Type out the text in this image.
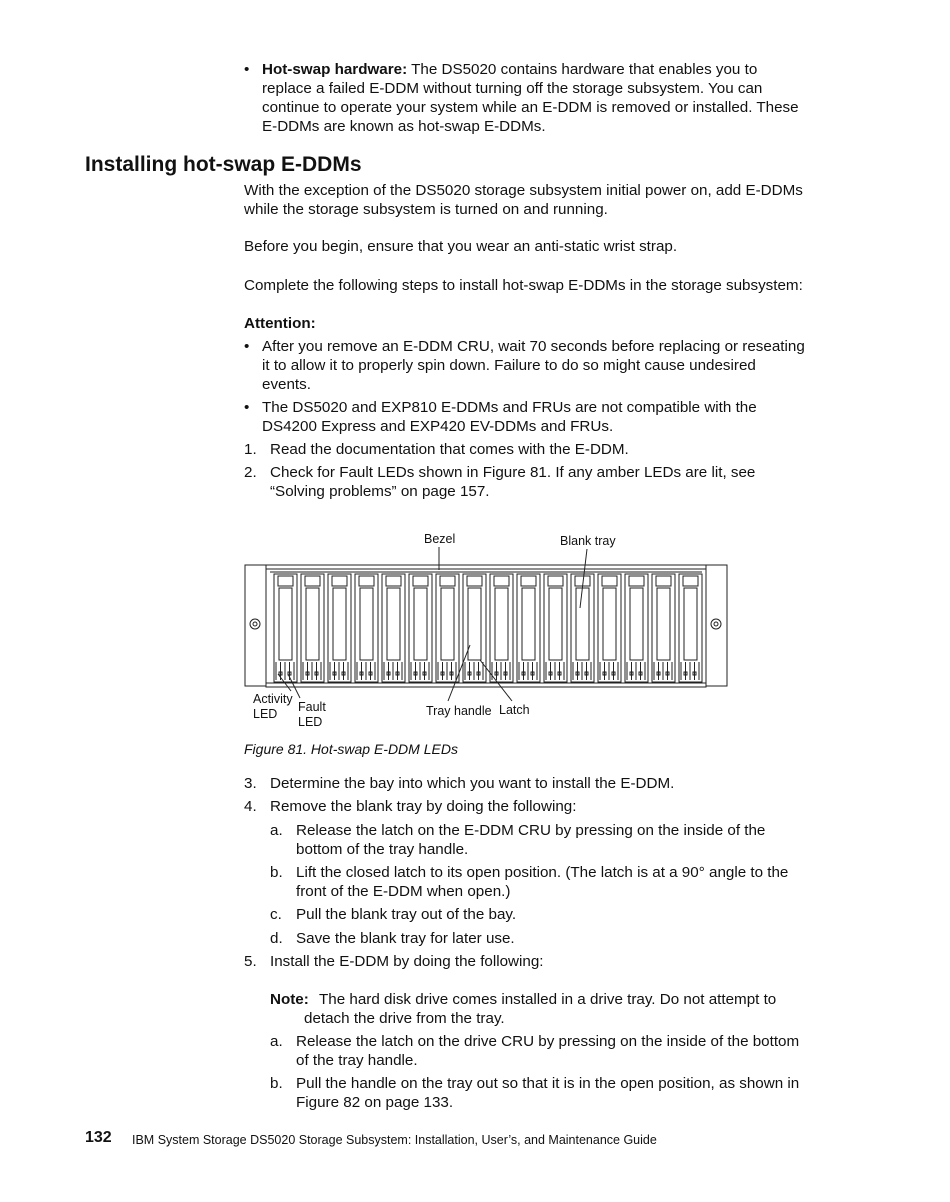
• Hot-swap hardware: The DS5020 contains hardware that enables you to
replace a failed E-DDM without turning off the storage subsystem. You can
continue to operate your system while an E-DDM is removed or installed. These
E-DDMs are known as hot-swap E-DDMs.
Installing hot-swap E-DDMs
With the exception of the DS5020 storage subsystem initial power on, add E-DDMs
while the storage subsystem is turned on and running.
Before you begin, ensure that you wear an anti-static wrist strap.
Complete the following steps to install hot-swap E-DDMs in the storage subsystem:
Attention:
• After you remove an E-DDM CRU, wait 70 seconds before replacing or reseating
it to allow it to properly spin down. Failure to do so might cause undesired
events.
• The DS5020 and EXP810 E-DDMs and FRUs are not compatible with the
DS4200 Express and EXP420 EV-DDMs and FRUs.
1. Read the documentation that comes with the E-DDM.
2. Check for Fault LEDs shown in Figure 81. If any amber LEDs are lit, see
“Solving problems” on page 157.
Bezel	Blank tray
Activity
LED Fault
LED
Tray handle Latch
Figure 81. Hot-swap E-DDM LEDs
3. Determine the bay into which you want to install the E-DDM.
4. Remove the blank tray by doing the following:
a. Release the latch on the E-DDM CRU by pressing on the inside of the
bottom of the tray handle.
b. Lift the closed latch to its open position. (The latch is at a 90° angle to the
front of the E-DDM when open.)
c. Pull the blank tray out of the bay.
d. Save the blank tray for later use.
5. Install the E-DDM by doing the following:
Note: The hard disk drive comes installed in a drive tray. Do not attempt to
detach the drive from the tray.
a. Release the latch on the drive CRU by pressing on the inside of the bottom
of the tray handle.
b. Pull the handle on the tray out so that it is in the open position, as shown in
Figure 82 on page 133.
132 IBM System Storage DS5020 Storage Subsystem: Installation, User’s, and Maintenance Guide
